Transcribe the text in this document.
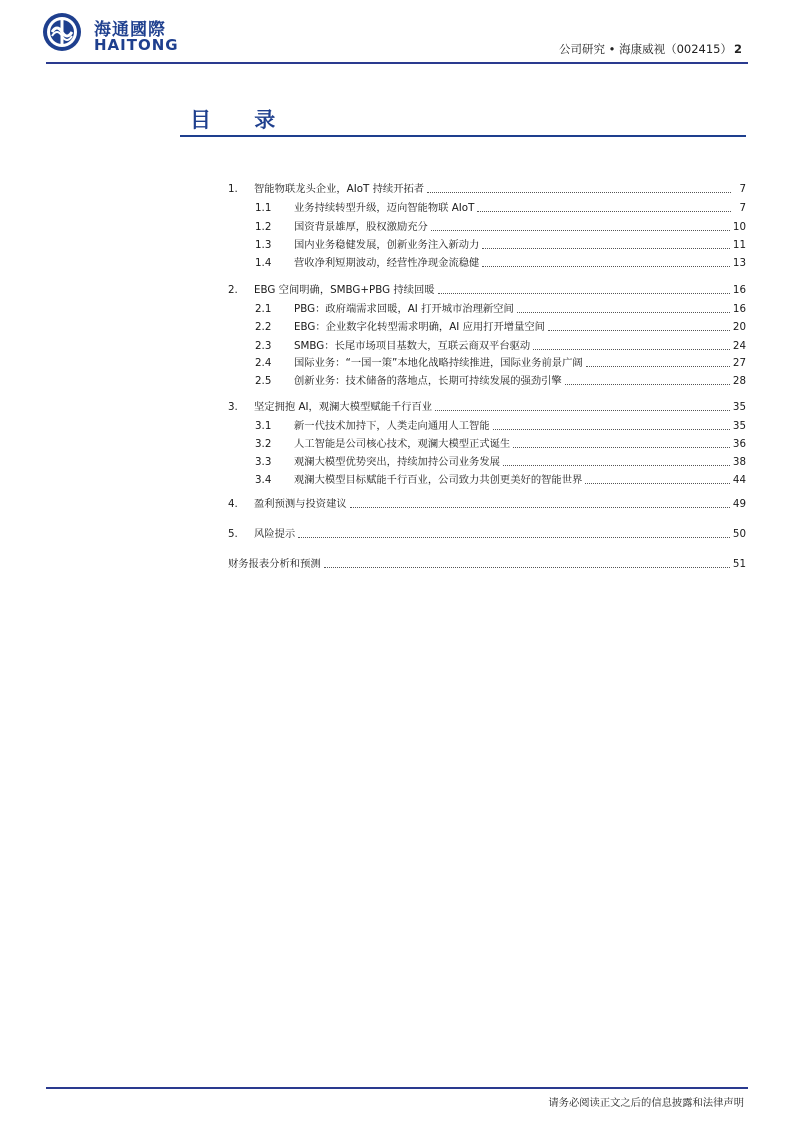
海通國際
HAITONG	公司研究 • 海康威视（002415） 2
目 录
1.	智能物联龙头企业，AIoT 持续开拓者	7
1.1	业务持续转型升级，迈向智能物联 AIoT	7
1.2	国资背景雄厚，股权激励充分	10
1.3	国内业务稳健发展，创新业务注入新动力	11
1.4	营收净利短期波动，经营性净现金流稳健	13
2.	EBG 空间明确，SMBG+PBG 持续回暖	16
2.1	PBG：政府端需求回暖，AI 打开城市治理新空间	16
2.2	EBG：企业数字化转型需求明确，AI 应用打开增量空间	20
2.3	SMBG：长尾市场项目基数大，互联云商双平台驱动	24
2.4	国际业务：“一国一策”本地化战略持续推进，国际业务前景广阔	27
2.5	创新业务：技术储备的落地点，长期可持续发展的强劲引擎	28
3.	坚定拥抱 AI，观澜大模型赋能千行百业	35
3.1	新一代技术加持下，人类走向通用人工智能	35
3.2	人工智能是公司核心技术，观澜大模型正式诞生	36
3.3	观澜大模型优势突出，持续加持公司业务发展	38
3.4	观澜大模型目标赋能千行百业，公司致力共创更美好的智能世界	44
4.	盈利预测与投资建议	49
5.	风险提示	50
财务报表分析和预测	51
请务必阅读正文之后的信息披露和法律声明
